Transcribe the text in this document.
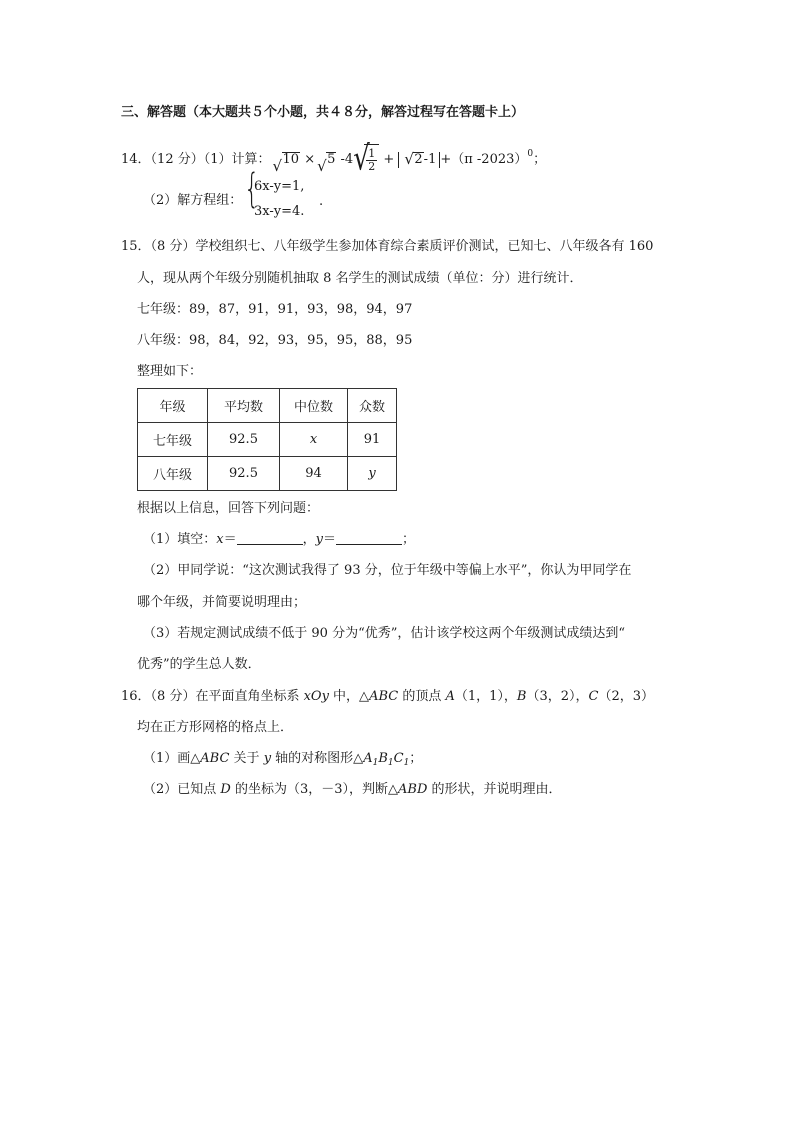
三、解答题（本大题共５个小题，共４８分，解答过程写在答题卡上）
14．（12 分）（1）计算： √ 10 × √ 5 -4 √
$\frac{1}{2}$ + √ 2-1 +（π -2023）$^0$；
（2）解方程组： {
6x-y=1,
3x-y=4.
.
15．（8 分）学校组织七、八年级学生参加体育综合素质评价测试，已知七、八年级各有 160
人，现从两个年级分别随机抽取 8 名学生的测试成绩（单位：分）进行统计．
七年级：89，87，91，91，93，98，94，97
八年级：98，84，92，93，95，95，88，95
整理如下：
年级	平均数	中位数	众数
七年级	92.5	x	91
八年级	92.5	94	y
根据以上信息，回答下列问题：
（1）填空：x＝	，y＝	；
（2）甲同学说：“这次测试我得了 93 分，位于年级中等偏上水平”，你认为甲同学在
哪个年级，并简要说明理由；
（3）若规定测试成绩不低于 90 分为“优秀”，估计该学校这两个年级测试成绩达到“
优秀”的学生总人数．
16．（8 分）在平面直角坐标系 xOy 中，△ABC 的顶点 A（1，1），B（3，2），C（2，3）
均在正方形网格的格点上．
（1）画△ABC 关于 y 轴的对称图形$\triangle A_1B_1C_1$；
（2）已知点 D 的坐标为（3，－3），判断△ABD 的形状，并说明理由．
